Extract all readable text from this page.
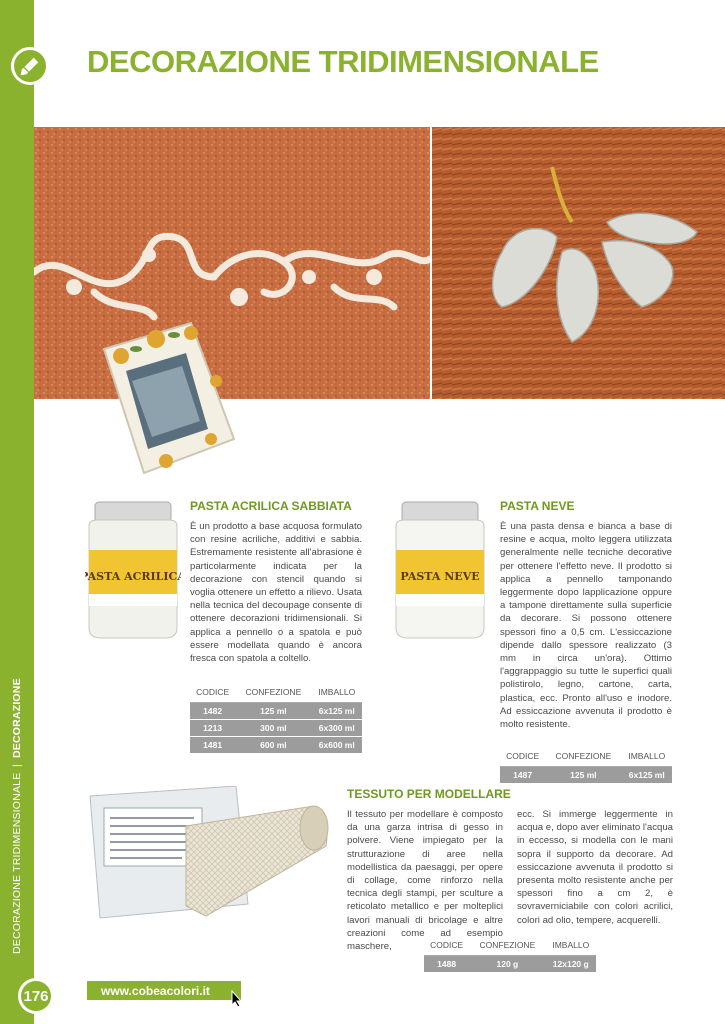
DECORAZIONE TRIDIMENSIONALE
|
DECORAZIONE
176
DECORAZIONE TRIDIMENSIONALE
PASTA ACRILICA
PASTA ACRILICA SABBIATA
È un prodotto a base acquosa formulato con resine acriliche, additivi e sabbia. Estremamente resistente all'abrasione è particolarmente indicata per la decorazione con stencil quando si voglia ottenere un effetto a rilievo. Usata nella tecnica del decoupage consente di ottenere decorazioni tridimensionali. Si applica a pennello o a spatola e può essere modellata quando è ancora fresca con spatola a coltello.
CODICE	CONFEZIONE	IMBALLO
1482	125 ml	6x125 ml
1213	300 ml	6x300 ml
1481	600 ml	6x600 ml
PASTA NEVE
PASTA NEVE
È una pasta densa e bianca a base di resine e acqua, molto leggera utilizzata generalmente nelle tecniche decorative per ottenere l'effetto neve. Il prodotto si applica a pennello tamponando leggermente dopo lapplicazione oppure a tampone direttamente sulla superficie da decorare. Si possono ottenere spessori fino a 0,5 cm. L'essiccazione dipende dallo spessore realizzato (3 mm in circa un'ora). Ottimo l'aggrappaggio su tutte le superfici quali polistirolo, legno, cartone, carta, plastica, ecc. Pronto all'uso e inodore. Ad essiccazione avvenuta il prodotto è molto resistente.
CODICE	CONFEZIONE	IMBALLO
1487	125 ml	6x125 ml
TESSUTO PER MODELLARE
Il tessuto per modellare è composto da una garza intrisa di gesso in polvere. Viene impiegato per la strutturazione di aree nella modellistica da paesaggi, per opere di collage, come rinforzo nella tecnica degli stampi, per sculture a reticolato metallico e per molteplici lavori manuali di bricolage e altre creazioni come ad esempio maschere,
ecc. Si immerge leggermente in acqua e, dopo aver eliminato l'acqua in eccesso, si modella con le mani sopra il supporto da decorare. Ad essiccazione avvenuta il prodotto si presenta molto resistente anche per spessori fino a cm 2, è sovraverniciabile con colori acrilici, colori ad olio, tempere, acquerelli.
CODICE	CONFEZIONE	IMBALLO
1488	120 g	12x120 g
www.cobeacolori.it
